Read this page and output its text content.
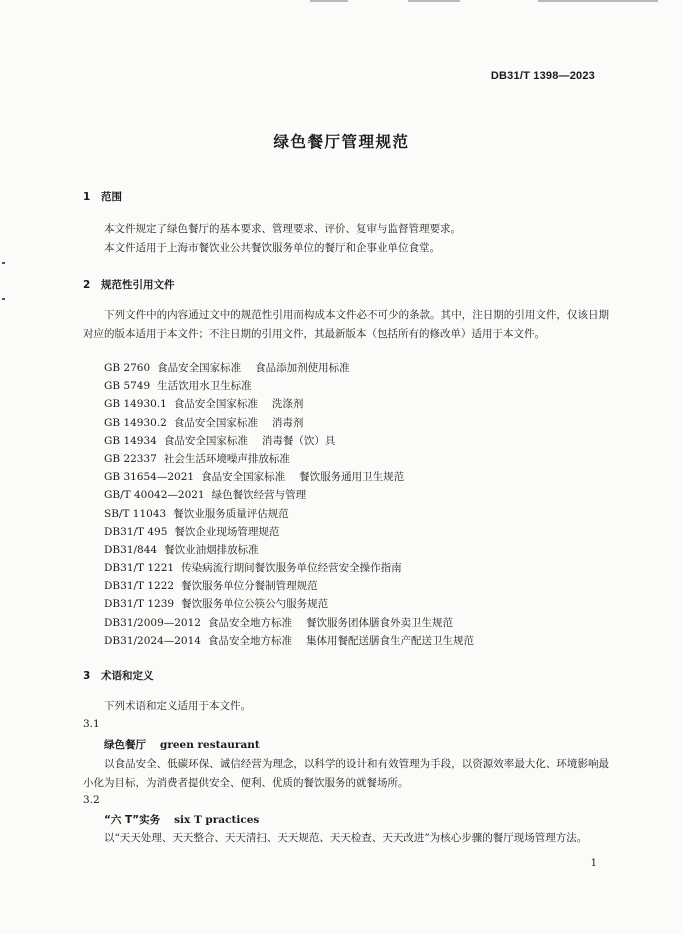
DB31/T 1398—2023
绿色餐厅管理规范
1 范围
本文件规定了绿色餐厅的基本要求、管理要求、评价、复审与监督管理要求。
本文件适用于上海市餐饮业公共餐饮服务单位的餐厅和企事业单位食堂。
2 规范性引用文件
下列文件中的内容通过文中的规范性引用而构成本文件必不可少的条款。其中，注日期的引用文件，仅该日期对应的版本适用于本文件；不注日期的引用文件，其最新版本（包括所有的修改单）适用于本文件。
GB 2760 食品安全国家标准 食品添加剂使用标准
GB 5749 生活饮用水卫生标准
GB 14930.1 食品安全国家标准 洗涤剂
GB 14930.2 食品安全国家标准 消毒剂
GB 14934 食品安全国家标准 消毒餐（饮）具
GB 22337 社会生活环境噪声排放标准
GB 31654—2021 食品安全国家标准 餐饮服务通用卫生规范
GB/T 40042—2021 绿色餐饮经营与管理
SB/T 11043 餐饮业服务质量评估规范
DB31/T 495 餐饮企业现场管理规范
DB31/844 餐饮业油烟排放标准
DB31/T 1221 传染病流行期间餐饮服务单位经营安全操作指南
DB31/T 1222 餐饮服务单位分餐制管理规范
DB31/T 1239 餐饮服务单位公筷公勺服务规范
DB31/2009—2012 食品安全地方标准 餐饮服务团体膳食外卖卫生规范
DB31/2024—2014 食品安全地方标准 集体用餐配送膳食生产配送卫生规范
3 术语和定义
下列术语和定义适用于本文件。
3.1
绿色餐厅 green restaurant
以食品安全、低碳环保、诚信经营为理念，以科学的设计和有效管理为手段，以资源效率最大化、环境影响最小化为目标，为消费者提供安全、便利、优质的餐饮服务的就餐场所。
3.2
“六 T”实务 six T practices
以“天天处理、天天整合、天天清扫、天天规范、天天检查、天天改进”为核心步骤的餐厅现场管理方法。
1
